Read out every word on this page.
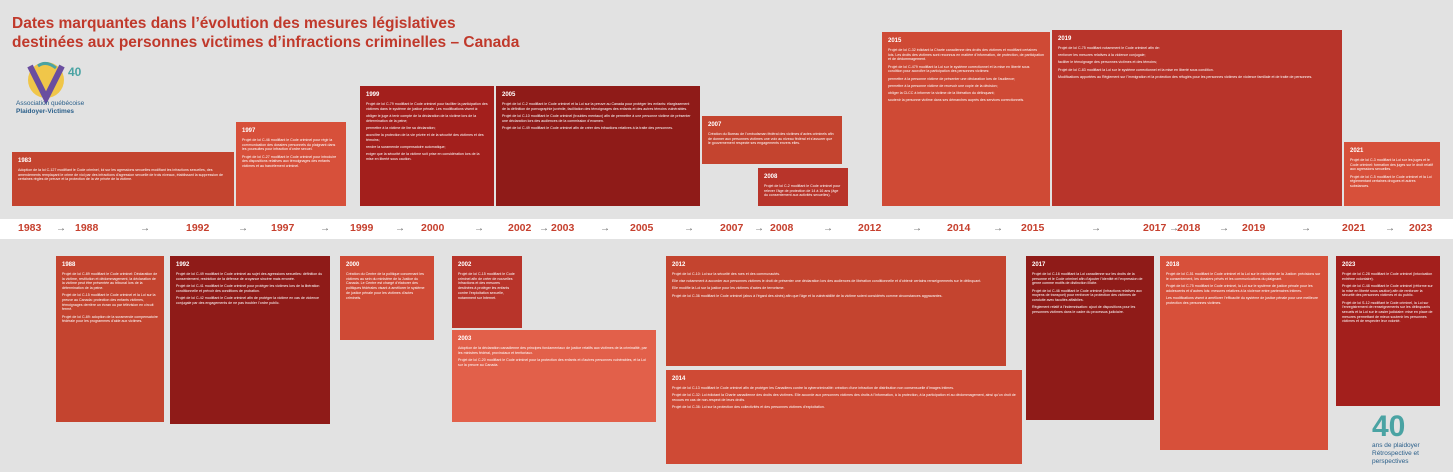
Dates marquantes dans l’évolution des mesures législatives
destinées aux personnes victimes d’infractions criminelles – Canada
40
Association québécoise
Plaidoyer-Victimes
1983

Adoption de la loi C-127 modifiant le Code criminel, loi sur les agressions sexuelles modifiant les infractions sexuelles, des amendements remplaçant le crime de viol par des infractions d’agression sexuelle de trois niveaux, établissant la suppression de certaines règles de preuve et la protection de la vie privée de la victime.

1997

Projet de loi C-46 modifiant le Code criminel pour régir la communication des dossiers personnels du plaignant dans les poursuites pour infraction d’ordre sexuel.

Projet de loi C-27 modifiant le Code criminel pour introduire des dispositions relatives aux témoignages des enfants victimes et au harcèlement criminel.

1999

Projet de loi C-79 modifiant le Code criminel pour faciliter la participation des victimes dans le système de justice pénale. Les modifications visent à:

obliger le juge à tenir compte de la déclaration de la victime lors de la détermination de la peine;

permettre à la victime de lire sa déclaration;

accroître la protection de la vie privée et de la sécurité des victimes et des témoins;

rendre la suramende compensatoire automatique;

exiger que la sécurité de la victime soit prise en considération lors de la mise en liberté sous caution.

2005

Projet de loi C-2 modifiant le Code criminel et la Loi sur la preuve au Canada pour protéger les enfants: élargissement de la définition de pornographie juvénile, facilitation des témoignages des enfants et des autres témoins vulnérables.

Projet de loi C-10 modifiant le Code criminel (troubles mentaux) afin de permettre à une personne victime de présenter une déclaration lors des audiences de la commission d’examen.

Projet de loi C-49 modifiant le Code criminel afin de créer des infractions relatives à la traite des personnes.	2007

Création du Bureau de l’ombudsman fédéral des victimes d’actes criminels afin de donner aux personnes victimes une voix au niveau fédéral et s’assurer que le gouvernement respecte ses engagements envers elles.

2008

Projet de loi C-2 modifiant le Code criminel pour relever l’âge de protection de 14 à 16 ans (âge du consentement aux activités sexuelles).

2015

Projet de loi C-32 édictant la Charte canadienne des droits des victimes et modifiant certaines lois. Les droits des victimes sont reconnus en matière d’information, de protection, de participation et de dédommagement.

Projet de loi C-479 modifiant la Loi sur le système correctionnel et la mise en liberté sous condition pour accroître la participation des personnes victimes:

permettre à la personne victime de présenter une déclaration lors de l’audience;

permettre à la personne victime de recevoir une copie de la décision;

obliger la CLCC à informer la victime de la libération du délinquant;

soutenir la personne victime dans ses démarches auprès des services correctionnels.

2019

Projet de loi C-75 modifiant notamment le Code criminel afin de:

renforcer les mesures relatives à la violence conjugale;

faciliter le témoignage des personnes victimes et des témoins;

Projet de loi C-83 modifiant la Loi sur le système correctionnel et la mise en liberté sous condition.

Modifications apportées au Règlement sur l’immigration et la protection des réfugiés pour les personnes victimes de violence familiale et de traite de personnes.

2021

Projet de loi C-3 modifiant la Loi sur les juges et le Code criminel: formation des juges sur le droit relatif aux agressions sexuelles.

Projet de loi C-5 modifiant le Code criminel et la Loi réglementant certaines drogues et autres substances.

1983 → 1988	→	1992	→ 1997	→ 1999 → 2000	→ 2002 → 2003	→ 2005	→ 2007 → 2008	→ 2012	→ 2014 → 2015	→	2017 →
2018 → 2019	→	2021 → 2023
1988

Projet de loi C-89 modifiant le Code criminel: Déclaration de la victime, restitution et dédommagement, la déclaration de la victime peut être présentée au tribunal lors de la détermination de la peine.

Projet de loi C-15 modifiant le Code criminel et la Loi sur la preuve au Canada: protection des enfants victimes, témoignages derrière un écran ou par télévision en circuit fermé.

Projet de loi C-89: adoption de la suramende compensatoire fédérale pour les programmes d’aide aux victimes.

1992

Projet de loi C-49 modifiant le Code criminel au sujet des agressions sexuelles: définition du consentement, restriction de la défense de croyance sincère mais erronée.

Projet de loi C-41 modifiant le Code criminel pour protéger les victimes lors de la libération conditionnelle et prévoir des conditions de probation.

Projet de loi C-42 modifiant le Code criminel afin de protéger la victime en cas de violence conjugale par des engagements de ne pas troubler l’ordre public.

2000

Création du Centre de la politique concernant les victimes au sein du ministère de la Justice du Canada. Le Centre est chargé d’élaborer des politiques fédérales visant à améliorer le système de justice pénale pour les victimes d’actes criminels.

2002

Projet de loi C-15 modifiant le Code criminel afin de créer de nouvelles infractions et des mesures destinées à protéger les enfants contre l’exploitation sexuelle, notamment sur Internet.

2003

Adoption de la déclaration canadienne des principes fondamentaux de justice relatifs aux victimes de la criminalité, par les ministres fédéral, provinciaux et territoriaux.

Projet de loi C-20 modifiant le Code criminel pour la protection des enfants et d’autres personnes vulnérables, et la Loi sur la preuve au Canada.

2012

Projet de loi C-10: Loi sur la sécurité des rues et des communautés.

Elle vise notamment à accorder aux personnes victimes le droit de présenter une déclaration lors des audiences de libération conditionnelle et d’obtenir certains renseignements sur le délinquant.

Elle modifie la Loi sur la justice pour les victimes d’actes de terrorisme.

Projet de loi C-36 modifiant le Code criminel (abus à l’égard des aînés) afin que l’âge et la vulnérabilité de la victime soient considérés comme circonstances aggravantes.

2014

Projet de loi C-13 modifiant le Code criminel afin de protéger les Canadiens contre la cybercriminalité: création d’une infraction de distribution non consensuelle d’images intimes.

Projet de loi C-32: Loi édictant la Charte canadienne des droits des victimes. Elle accorde aux personnes victimes des droits à l’information, à la protection, à la participation et au dédommagement, ainsi qu’un droit de recours en cas de non-respect de leurs droits.

Projet de loi C-36: Loi sur la protection des collectivités et des personnes victimes d’exploitation.

2017

Projet de loi C-16 modifiant la Loi canadienne sur les droits de la personne et le Code criminel afin d’ajouter l’identité et l’expression de genre comme motifs de distinction illicite.

Projet de loi C-46 modifiant le Code criminel (infractions relatives aux moyens de transport) pour renforcer la protection des victimes de conduite avec facultés affaiblies.

Règlement relatif à l’indemnisation: ajout de dispositions pour les personnes victimes dans le cadre du processus judiciaire.

2018

Projet de loi C-51 modifiant le Code criminel et la Loi sur le ministère de la Justice: précisions sur le consentement, les dossiers privés et les communications du plaignant.

Projet de loi C-75 modifiant le Code criminel, la Loi sur le système de justice pénale pour les adolescents et d’autres lois: mesures relatives à la violence entre partenaires intimes.

Les modifications visent à améliorer l’efficacité du système de justice pénale pour une meilleure protection des personnes victimes.

2023

Projet de loi C-28 modifiant le Code criminel (intoxication extrême volontaire).

Projet de loi C-48 modifiant le Code criminel (réforme sur la mise en liberté sous caution) afin de renforcer la sécurité des personnes victimes et du public.

Projet de loi S-12 modifiant le Code criminel, la Loi sur l’enregistrement de renseignements sur les délinquants sexuels et la Loi sur le casier judiciaire: mise en place de mesures permettant de mieux soutenir les personnes victimes et de respecter leur volonté.

40
ans de plaidoyer
Rétrospective et perspectives
